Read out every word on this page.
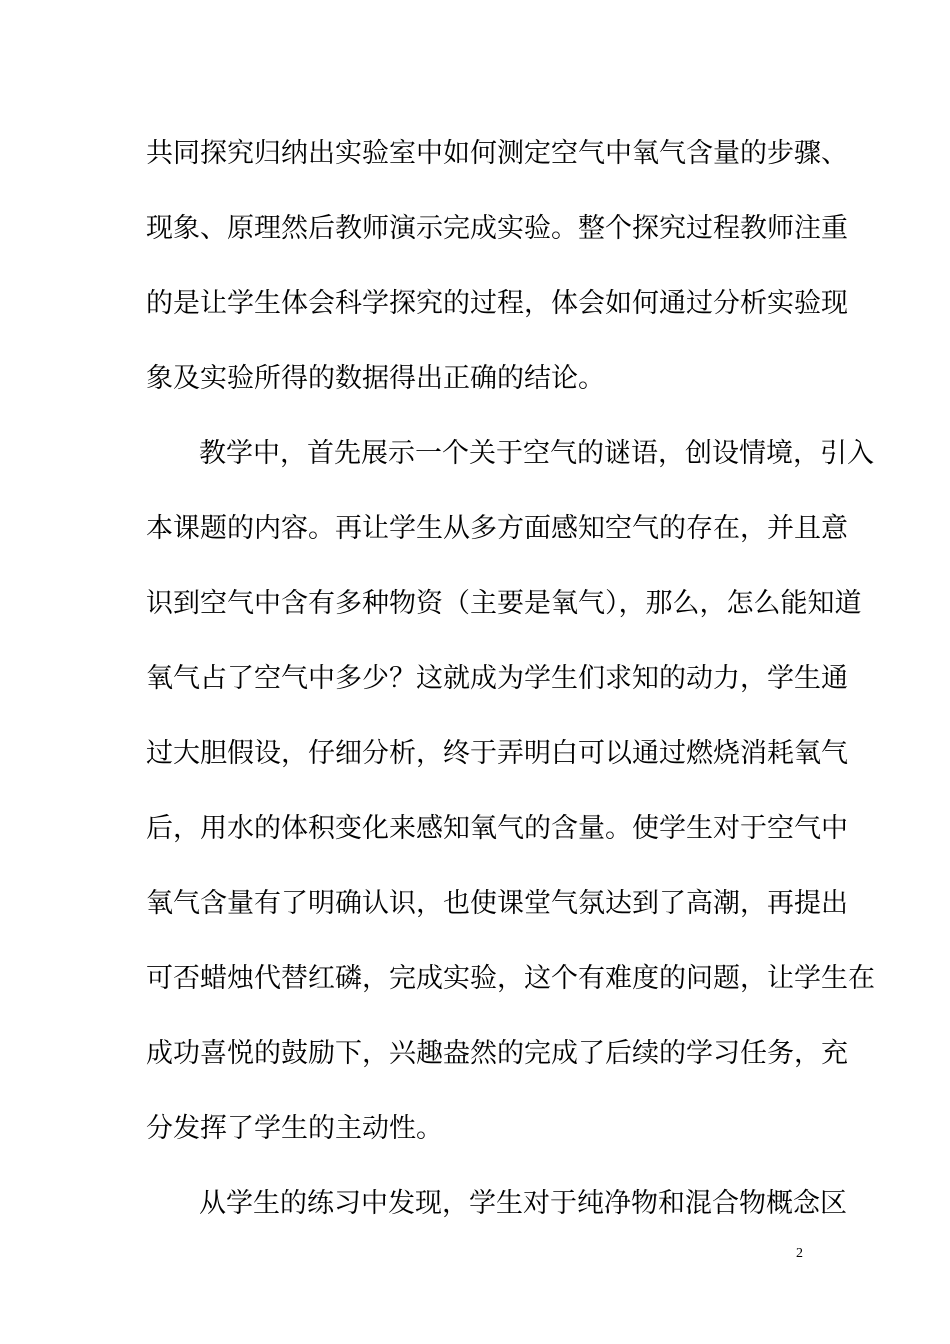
共同探究归纳出实验室中如何测定空气中氧气含量的步骤、
现象、原理然后教师演示完成实验。整个探究过程教师注重
的是让学生体会科学探究的过程，体会如何通过分析实验现
象及实验所得的数据得出正确的结论。
教学中，首先展示一个关于空气的谜语，创设情境，引入
本课题的内容。再让学生从多方面感知空气的存在，并且意
识到空气中含有多种物资（主要是氧气），那么，怎么能知道
氧气占了空气中多少？这就成为学生们求知的动力，学生通
过大胆假设，仔细分析，终于弄明白可以通过燃烧消耗氧气
后，用水的体积变化来感知氧气的含量。使学生对于空气中
氧气含量有了明确认识，也使课堂气氛达到了高潮，再提出
可否蜡烛代替红磷，完成实验，这个有难度的问题，让学生在
成功喜悦的鼓励下，兴趣盎然的完成了后续的学习任务，充
分发挥了学生的主动性。
从学生的练习中发现，学生对于纯净物和混合物概念区
2
